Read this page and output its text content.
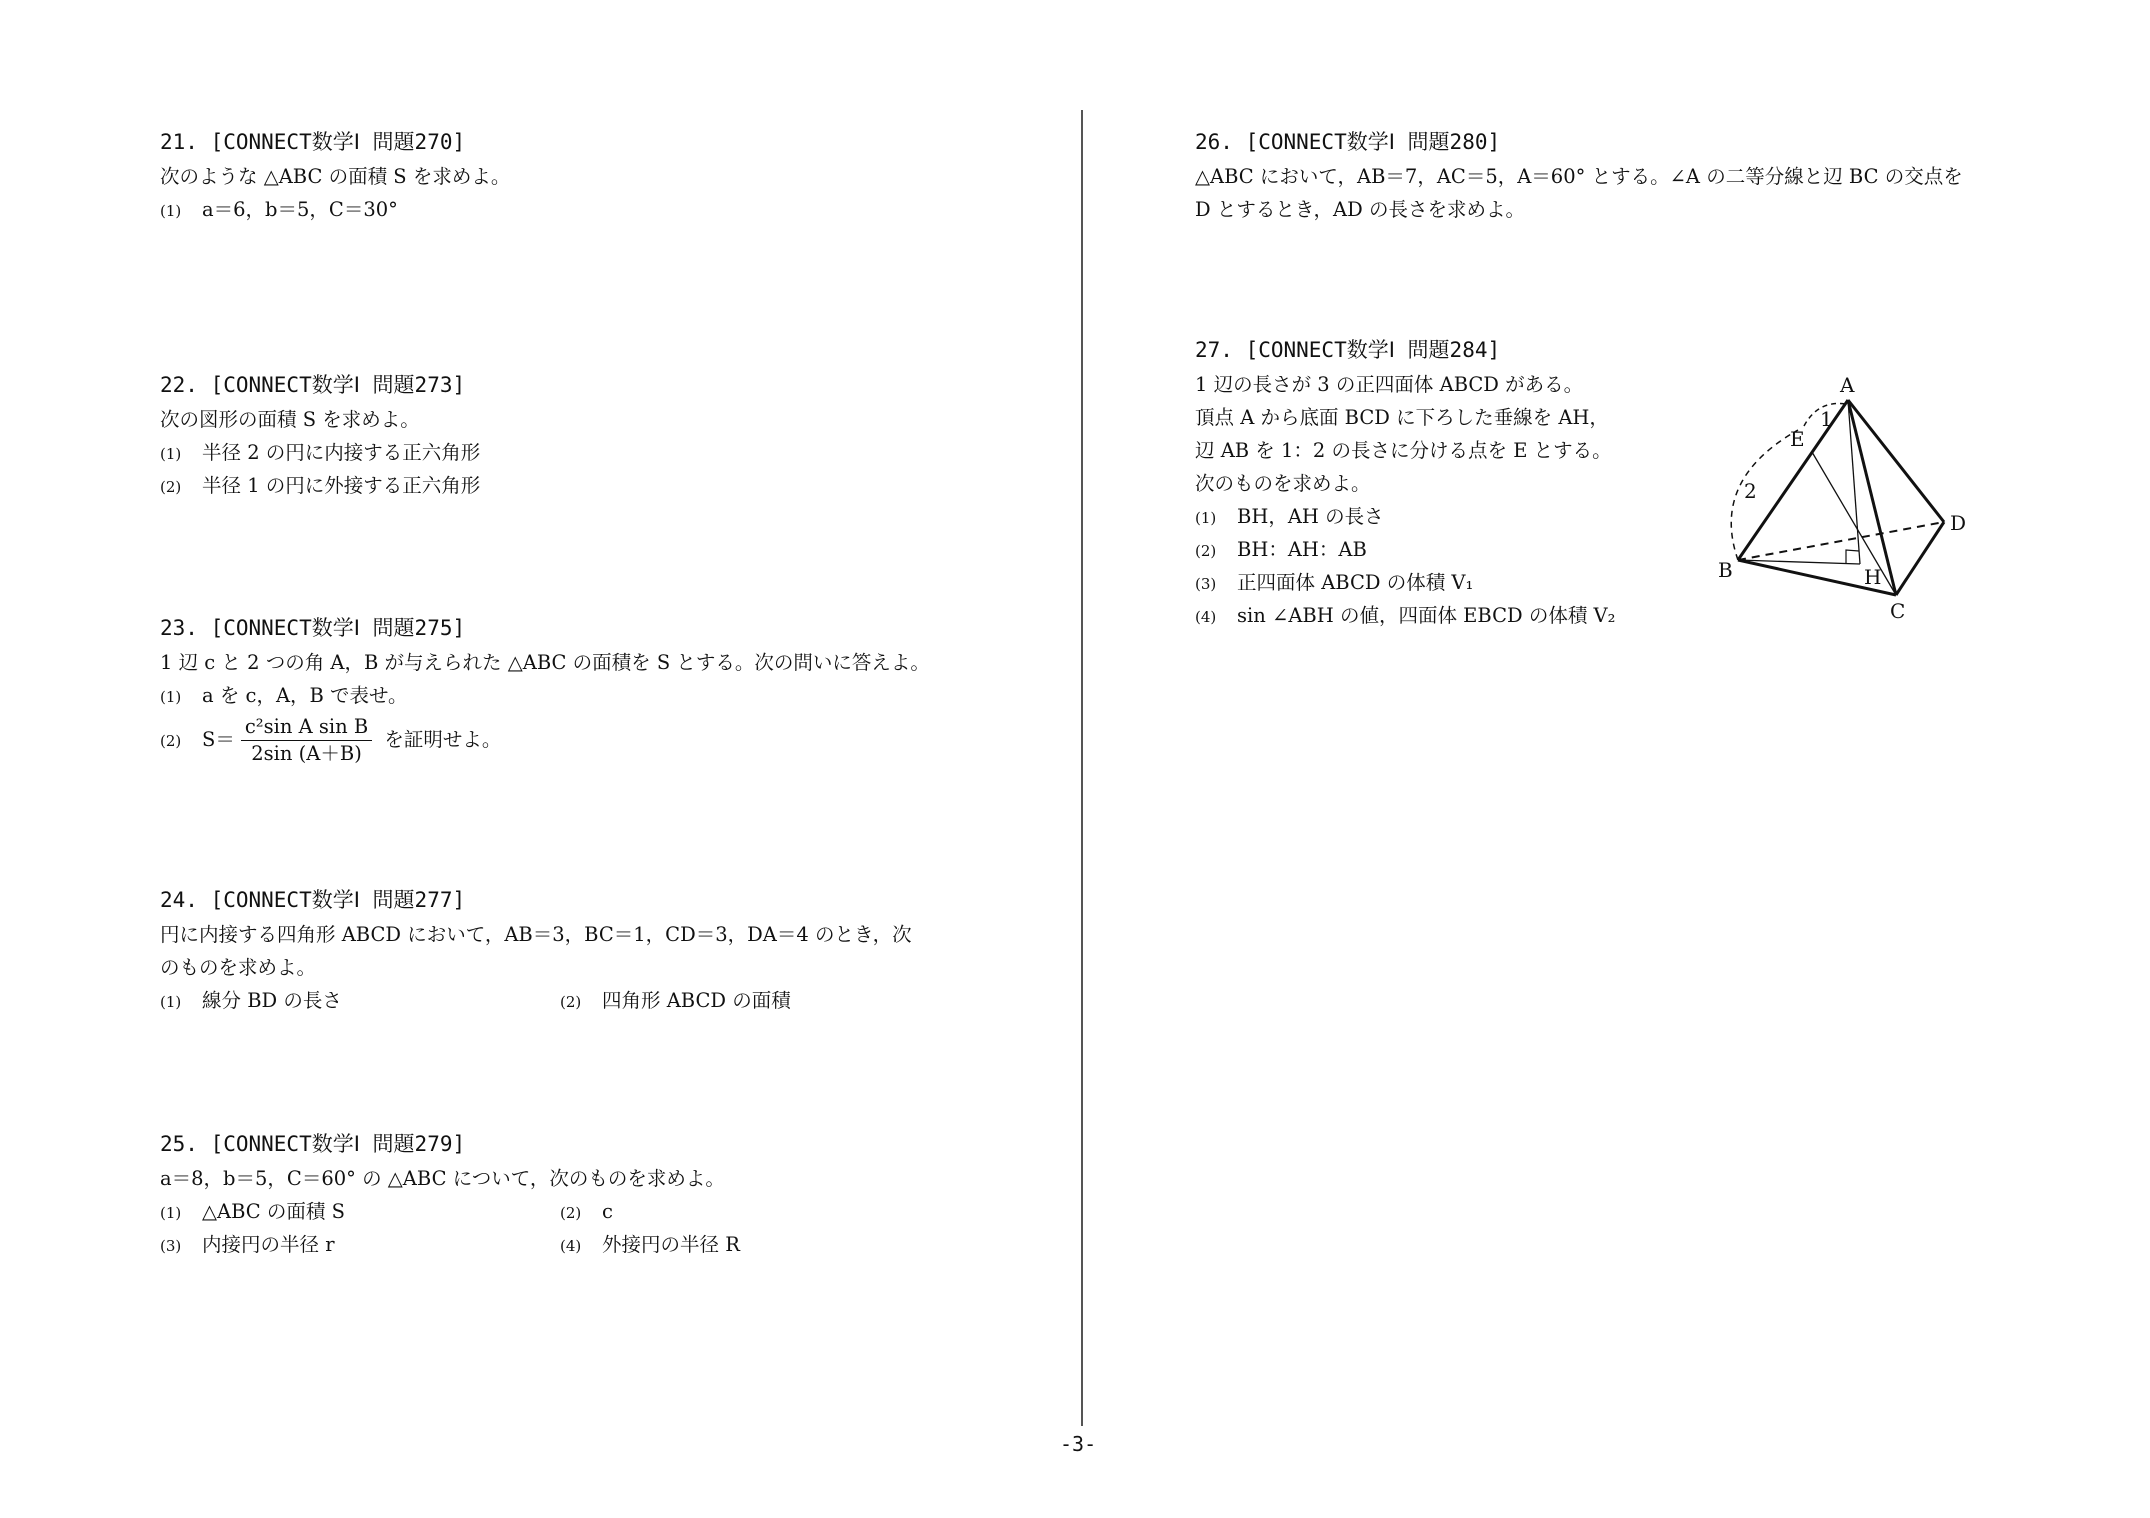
21. [CONNECT数学Ⅰ 問題270]
次のような △ABC の面積 S を求めよ。
(1) a＝6，b＝5，C＝30°
22. [CONNECT数学Ⅰ 問題273]
次の図形の面積 S を求めよ。
(1) 半径 2 の円に内接する正六角形
(2) 半径 1 の円に外接する正六角形
23. [CONNECT数学Ⅰ 問題275]
1 辺 c と 2 つの角 A，B が与えられた △ABC の面積を S とする。次の問いに答えよ。
(1) a を c，A，B で表せ。
(2) $S= \frac{\text{c²sin A sin B}}{2\sin (A+B)}$ を証明せよ。
24. [CONNECT数学Ⅰ 問題277]
円に内接する四角形 ABCD において，AB＝3，BC＝1，CD＝3，DA＝4 のとき，次
のものを求めよ。
(1) 線分 BD の長さ	(2) 四角形 ABCD の面積
25. [CONNECT数学Ⅰ 問題279]
a＝8，b＝5，C＝60° の △ABC について，次のものを求めよ。
(1) △ABC の面積 S	(2) c
(3) 内接円の半径 r	(4) 外接円の半径 R
26. [CONNECT数学Ⅰ 問題280]
△ABC において，AB＝7，AC＝5，A＝60° とする。∠A の二等分線と辺 BC の交点を
D とするとき，AD の長さを求めよ。
27. [CONNECT数学Ⅰ 問題284]
1 辺の長さが 3 の正四面体 ABCD がある。
頂点 A から底面 BCD に下ろした垂線を AH，
辺 AB を 1：2 の長さに分ける点を E とする。
次のものを求めよ。
(1) BH，AH の長さ
(2) BH：AH：AB
(3) 正四面体 ABCD の体積 V₁
(4) sin ∠ABH の値，四面体 EBCD の体積 V₂
A
B
C
D
E
H
1
2
-3-
